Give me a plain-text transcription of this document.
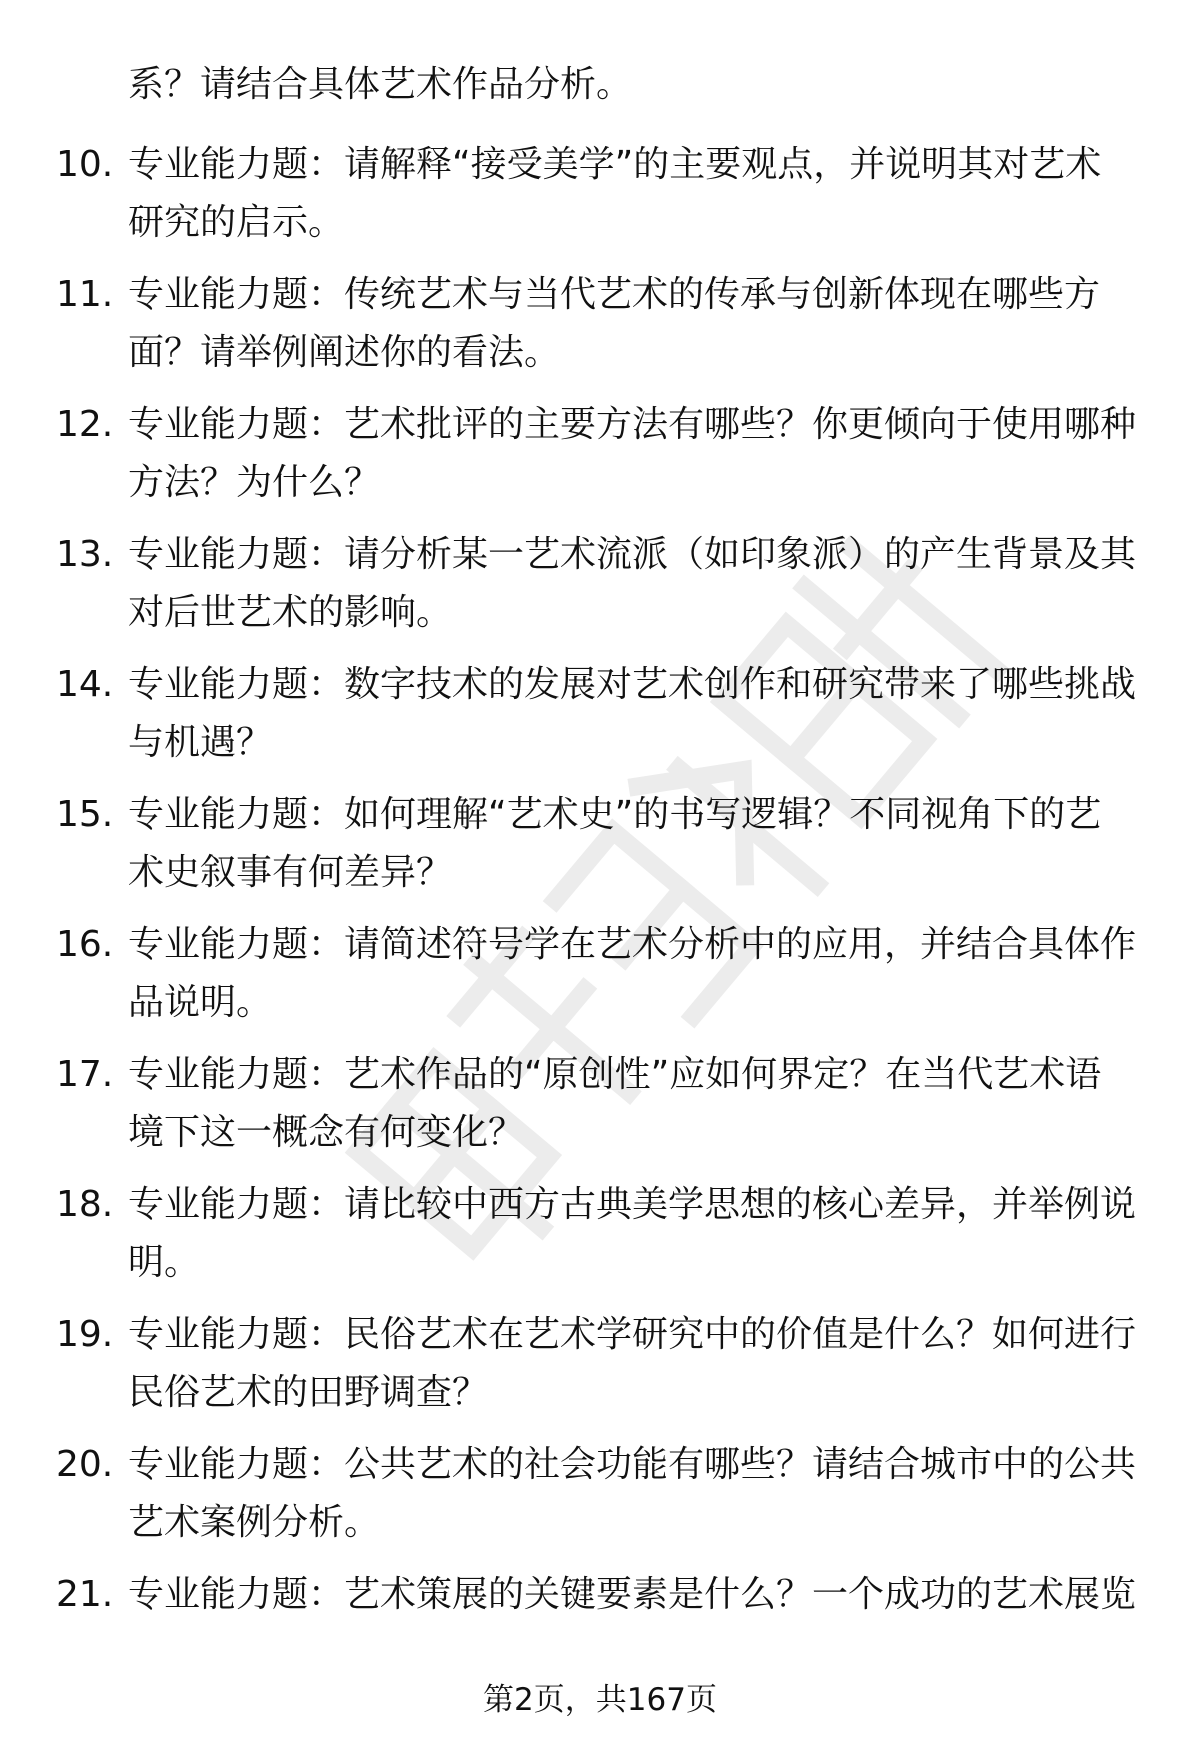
系？请结合具体艺术作品分析。
10. 专业能力题：请解释“接受美学”的主要观点，并说明其对艺术
研究的启示。
11. 专业能力题：传统艺术与当代艺术的传承与创新体现在哪些方
面？请举例阐述你的看法。
12. 专业能力题：艺术批评的主要方法有哪些？你更倾向于使用哪种
方法？为什么？
13. 专业能力题：请分析某一艺术流派（如印象派）的产生背景及其
对后世艺术的影响。
14. 专业能力题：数字技术的发展对艺术创作和研究带来了哪些挑战
与机遇？
15. 专业能力题：如何理解“艺术史”的书写逻辑？不同视角下的艺
术史叙事有何差异？
16. 专业能力题：请简述符号学在艺术分析中的应用，并结合具体作
品说明。
17. 专业能力题：艺术作品的“原创性”应如何界定？在当代艺术语
境下这一概念有何变化？
18. 专业能力题：请比较中西方古典美学思想的核心差异，并举例说
明。
19. 专业能力题：民俗艺术在艺术学研究中的价值是什么？如何进行
民俗艺术的田野调查？
20. 专业能力题：公共艺术的社会功能有哪些？请结合城市中的公共
艺术案例分析。
21. 专业能力题：艺术策展的关键要素是什么？一个成功的艺术展览
第2页，共167页
